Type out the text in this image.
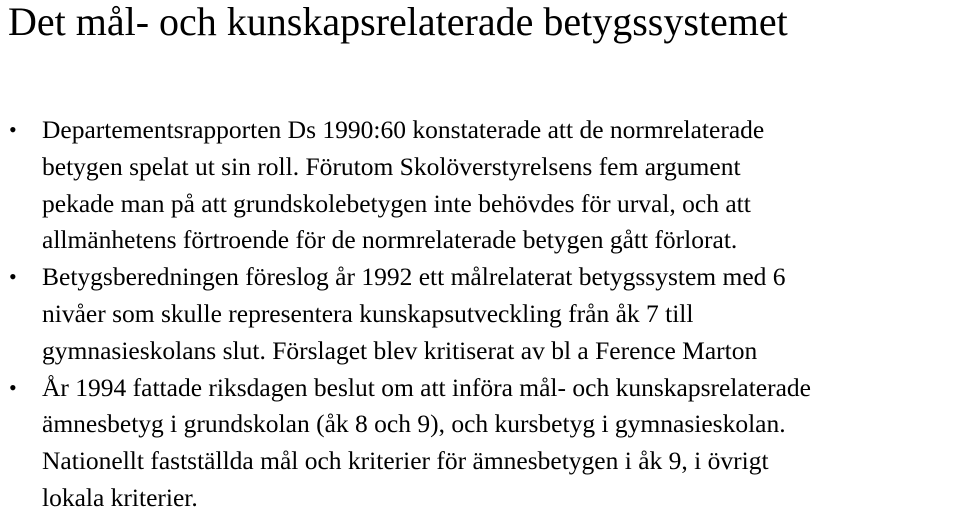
Det mål- och kunskapsrelaterade betygssystemet
• Departementsrapporten Ds 1990:60 konstaterade att de normrelaterade
betygen spelat ut sin roll. Förutom Skolöverstyrelsens fem argument
pekade man på att grundskolebetygen inte behövdes för urval, och att
allmänhetens förtroende för de normrelaterade betygen gått förlorat.
• Betygsberedningen föreslog år 1992 ett målrelaterat betygssystem med 6
nivåer som skulle representera kunskapsutveckling från åk 7 till
gymnasieskolans slut. Förslaget blev kritiserat av bl a Ference Marton
• År 1994 fattade riksdagen beslut om att införa mål- och kunskapsrelaterade
ämnesbetyg i grundskolan (åk 8 och 9), och kursbetyg i gymnasieskolan.
Nationellt fastställda mål och kriterier för ämnesbetygen i åk 9, i övrigt
lokala kriterier.
